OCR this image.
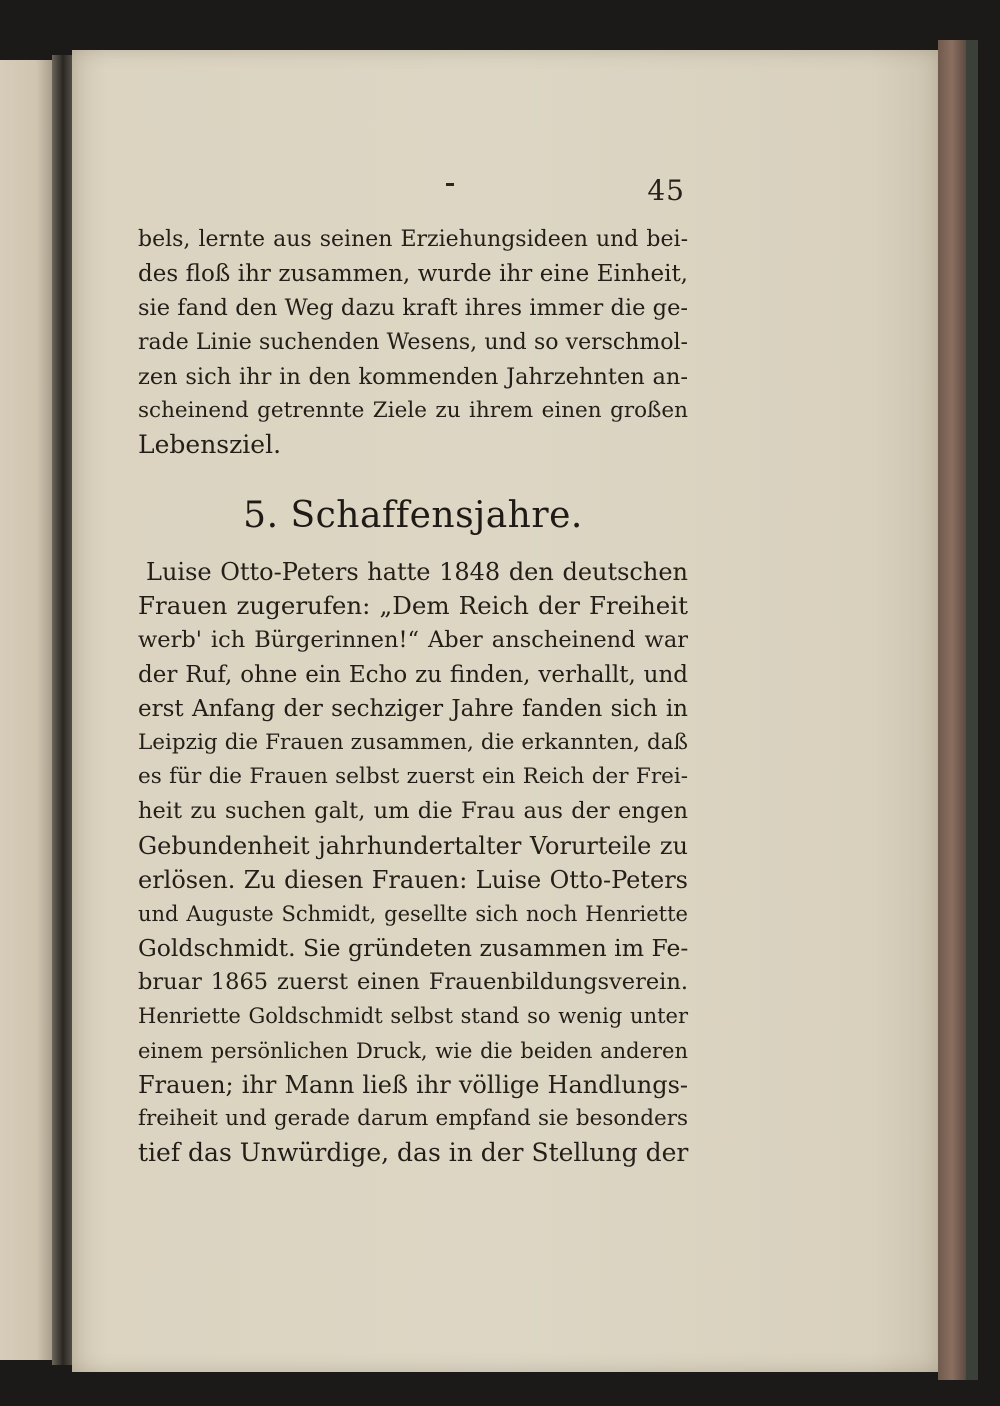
45
bels, lernte aus seinen Erziehungsideen und bei-
des floß ihr zusammen, wurde ihr eine Einheit,
sie fand den Weg dazu kraft ihres immer die ge-
rade Linie suchenden Wesens, und so verschmol-
zen sich ihr in den kommenden Jahrzehnten an-
scheinend getrennte Ziele zu ihrem einen großen
Lebensziel.
5. Schaffensjahre.
Luise Otto-Peters hatte 1848 den deutschen
Frauen zugerufen: „Dem Reich der Freiheit
werb' ich Bürgerinnen!“ Aber anscheinend war
der Ruf, ohne ein Echo zu finden, verhallt, und
erst Anfang der sechziger Jahre fanden sich in
Leipzig die Frauen zusammen, die erkannten, daß
es für die Frauen selbst zuerst ein Reich der Frei-
heit zu suchen galt, um die Frau aus der engen
Gebundenheit jahrhundertalter Vorurteile zu
erlösen. Zu diesen Frauen: Luise Otto-Peters
und Auguste Schmidt, gesellte sich noch Henriette
Goldschmidt. Sie gründeten zusammen im Fe-
bruar 1865 zuerst einen Frauenbildungsverein.
Henriette Goldschmidt selbst stand so wenig unter
einem persönlichen Druck, wie die beiden anderen
Frauen; ihr Mann ließ ihr völlige Handlungs-
freiheit und gerade darum empfand sie besonders
tief das Unwürdige, das in der Stellung der
